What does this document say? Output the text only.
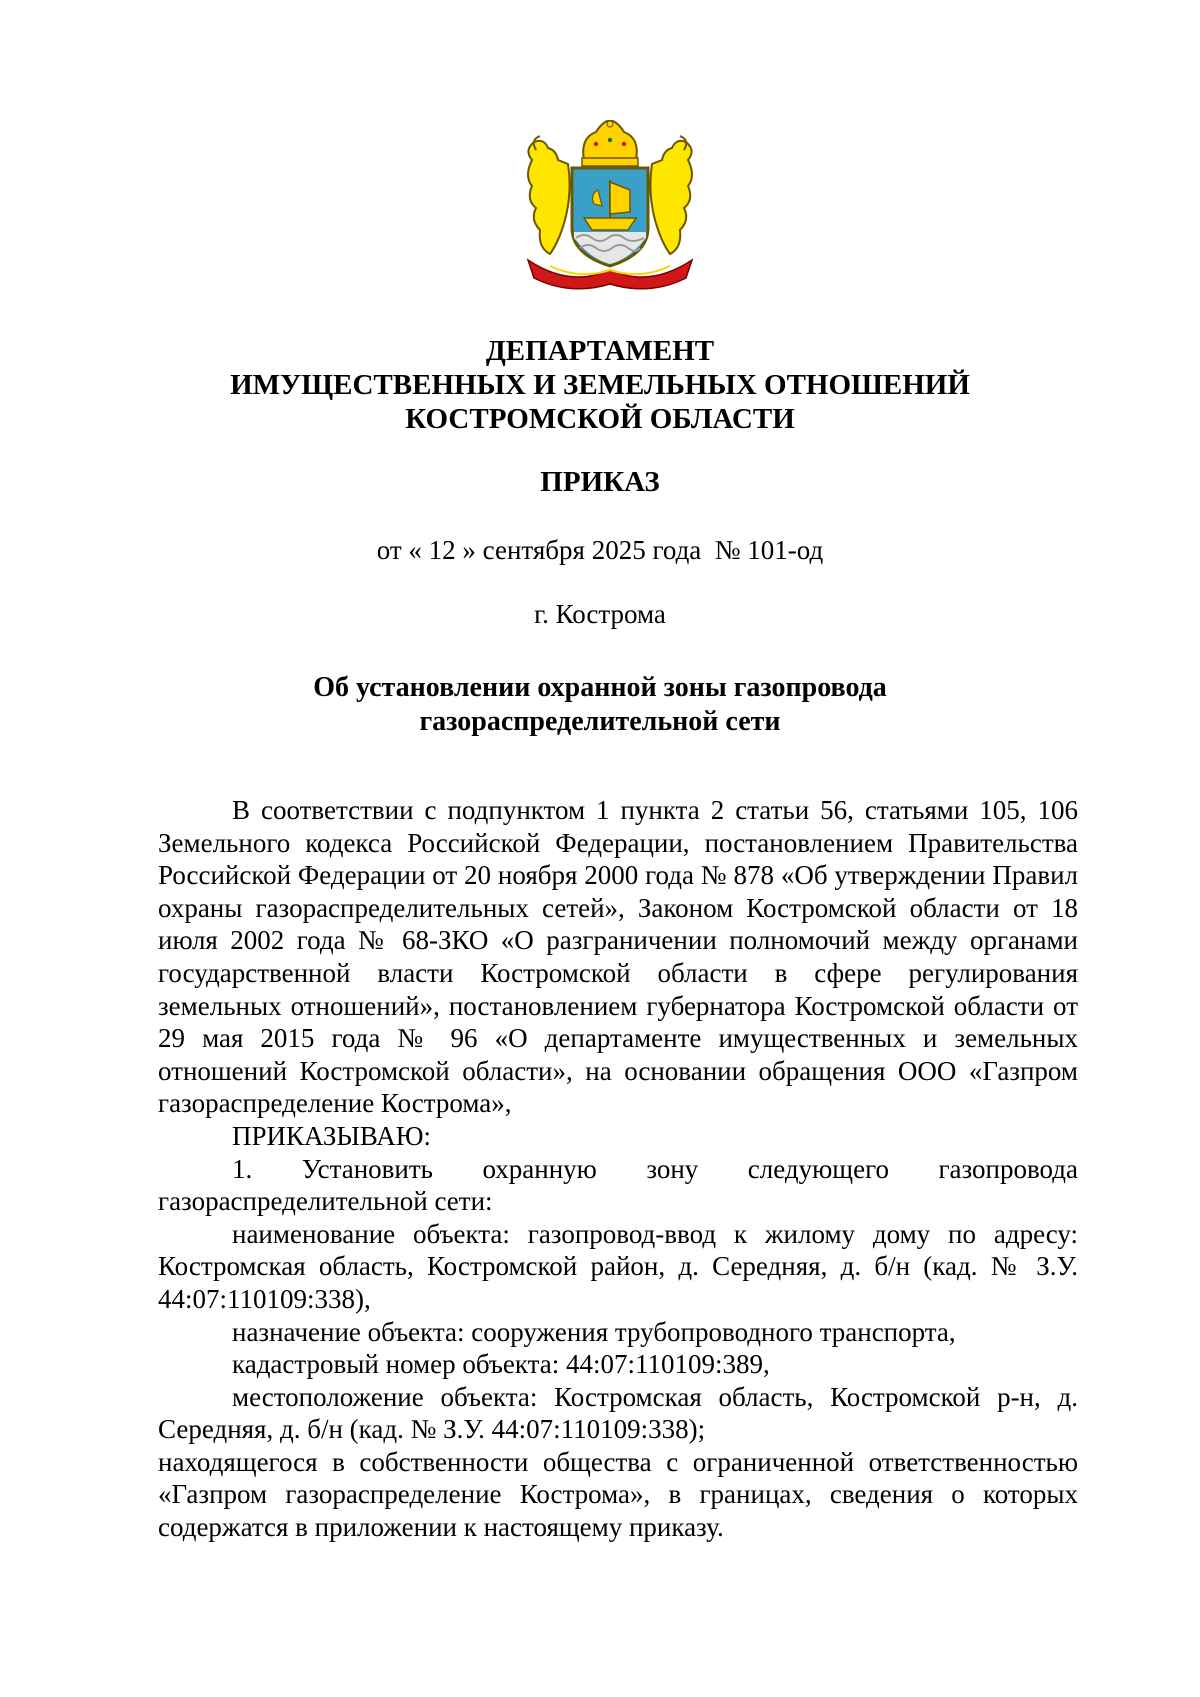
ДЕПАРТАМЕНТ
ИМУЩЕСТВЕННЫХ И ЗЕМЕЛЬНЫХ ОТНОШЕНИЙ
КОСТРОМСКОЙ ОБЛАСТИ
ПРИКАЗ
от « 12 » сентября 2025 года  № 101-од
г. Кострома
Об установлении охранной зоны газопровода
газораспределительной сети

В соответствии с подпунктом 1 пункта 2 статьи 56, статьями 105, 106 Земельного кодекса Российской Федерации, постановлением Правительства Российской Федерации от 20 ноября 2000 года № 878 «Об утверждении Правил охраны газораспределительных сетей», Законом Костромской области от 18 июля 2002 года № 68-ЗКО «О разграничении полномочий между органами государственной власти Костромской области в сфере регулирования земельных отношений», постановлением губернатора Костромской области от 29 мая 2015 года № 96 «О департаменте имущественных и земельных отношений Костромской области», на основании обращения ООО «Газпром газораспределение Кострома»,

ПРИКАЗЫВАЮ:

1. Установить охранную зону следующего газопровода газораспределительной сети:

наименование объекта: газопровод-ввод к жилому дому по адресу: Костромская область, Костромской район, д. Середняя, д. б/н (кад. № З.У. 44:07:110109:338),

назначение объекта: сооружения трубопроводного транспорта,

кадастровый номер объекта: 44:07:110109:389,

местоположение объекта: Костромская область, Костромской р-н, д. Середняя, д. б/н (кад. № З.У. 44:07:110109:338);

находящегося в собственности общества с ограниченной ответственностью «Газпром газораспределение Кострома», в границах, сведения о которых содержатся в приложении к настоящему приказу.
